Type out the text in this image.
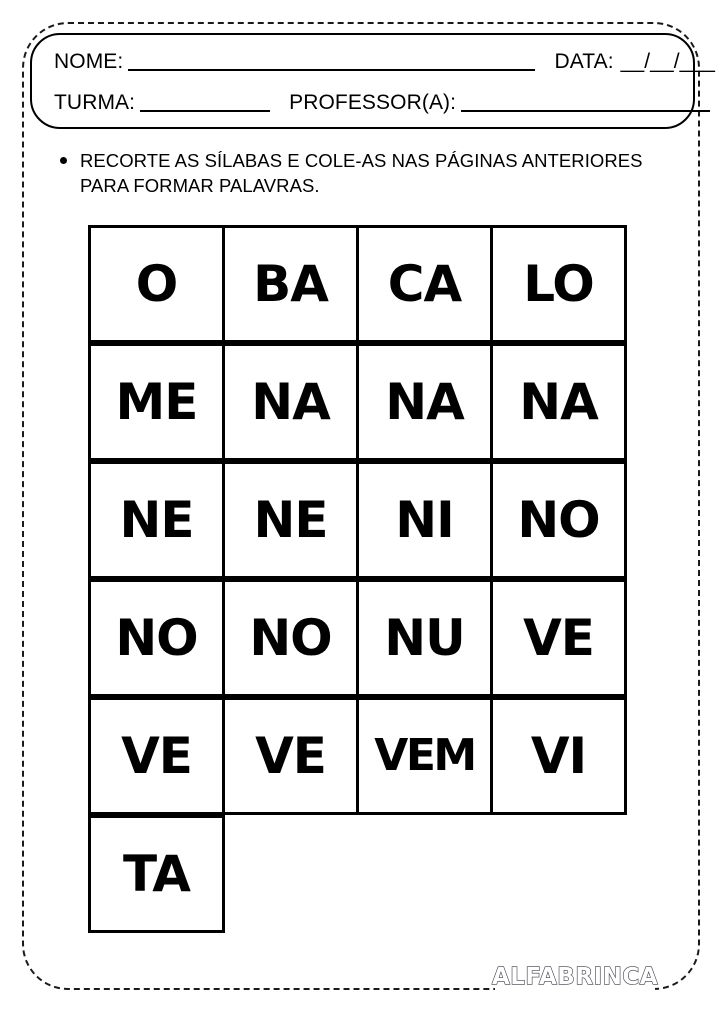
NOME:	DATA: __/__/___
TURMA:	PROFESSOR(A):
RECORTE AS SÍLABAS E COLE-AS NAS PÁGINAS ANTERIORES PARA FORMAR PALAVRAS.
O BA CA LO
ME NA NA NA
NE NE NI NO
NO NO NU VE
VE VE VEM VI
TA
ALFABRINCA
